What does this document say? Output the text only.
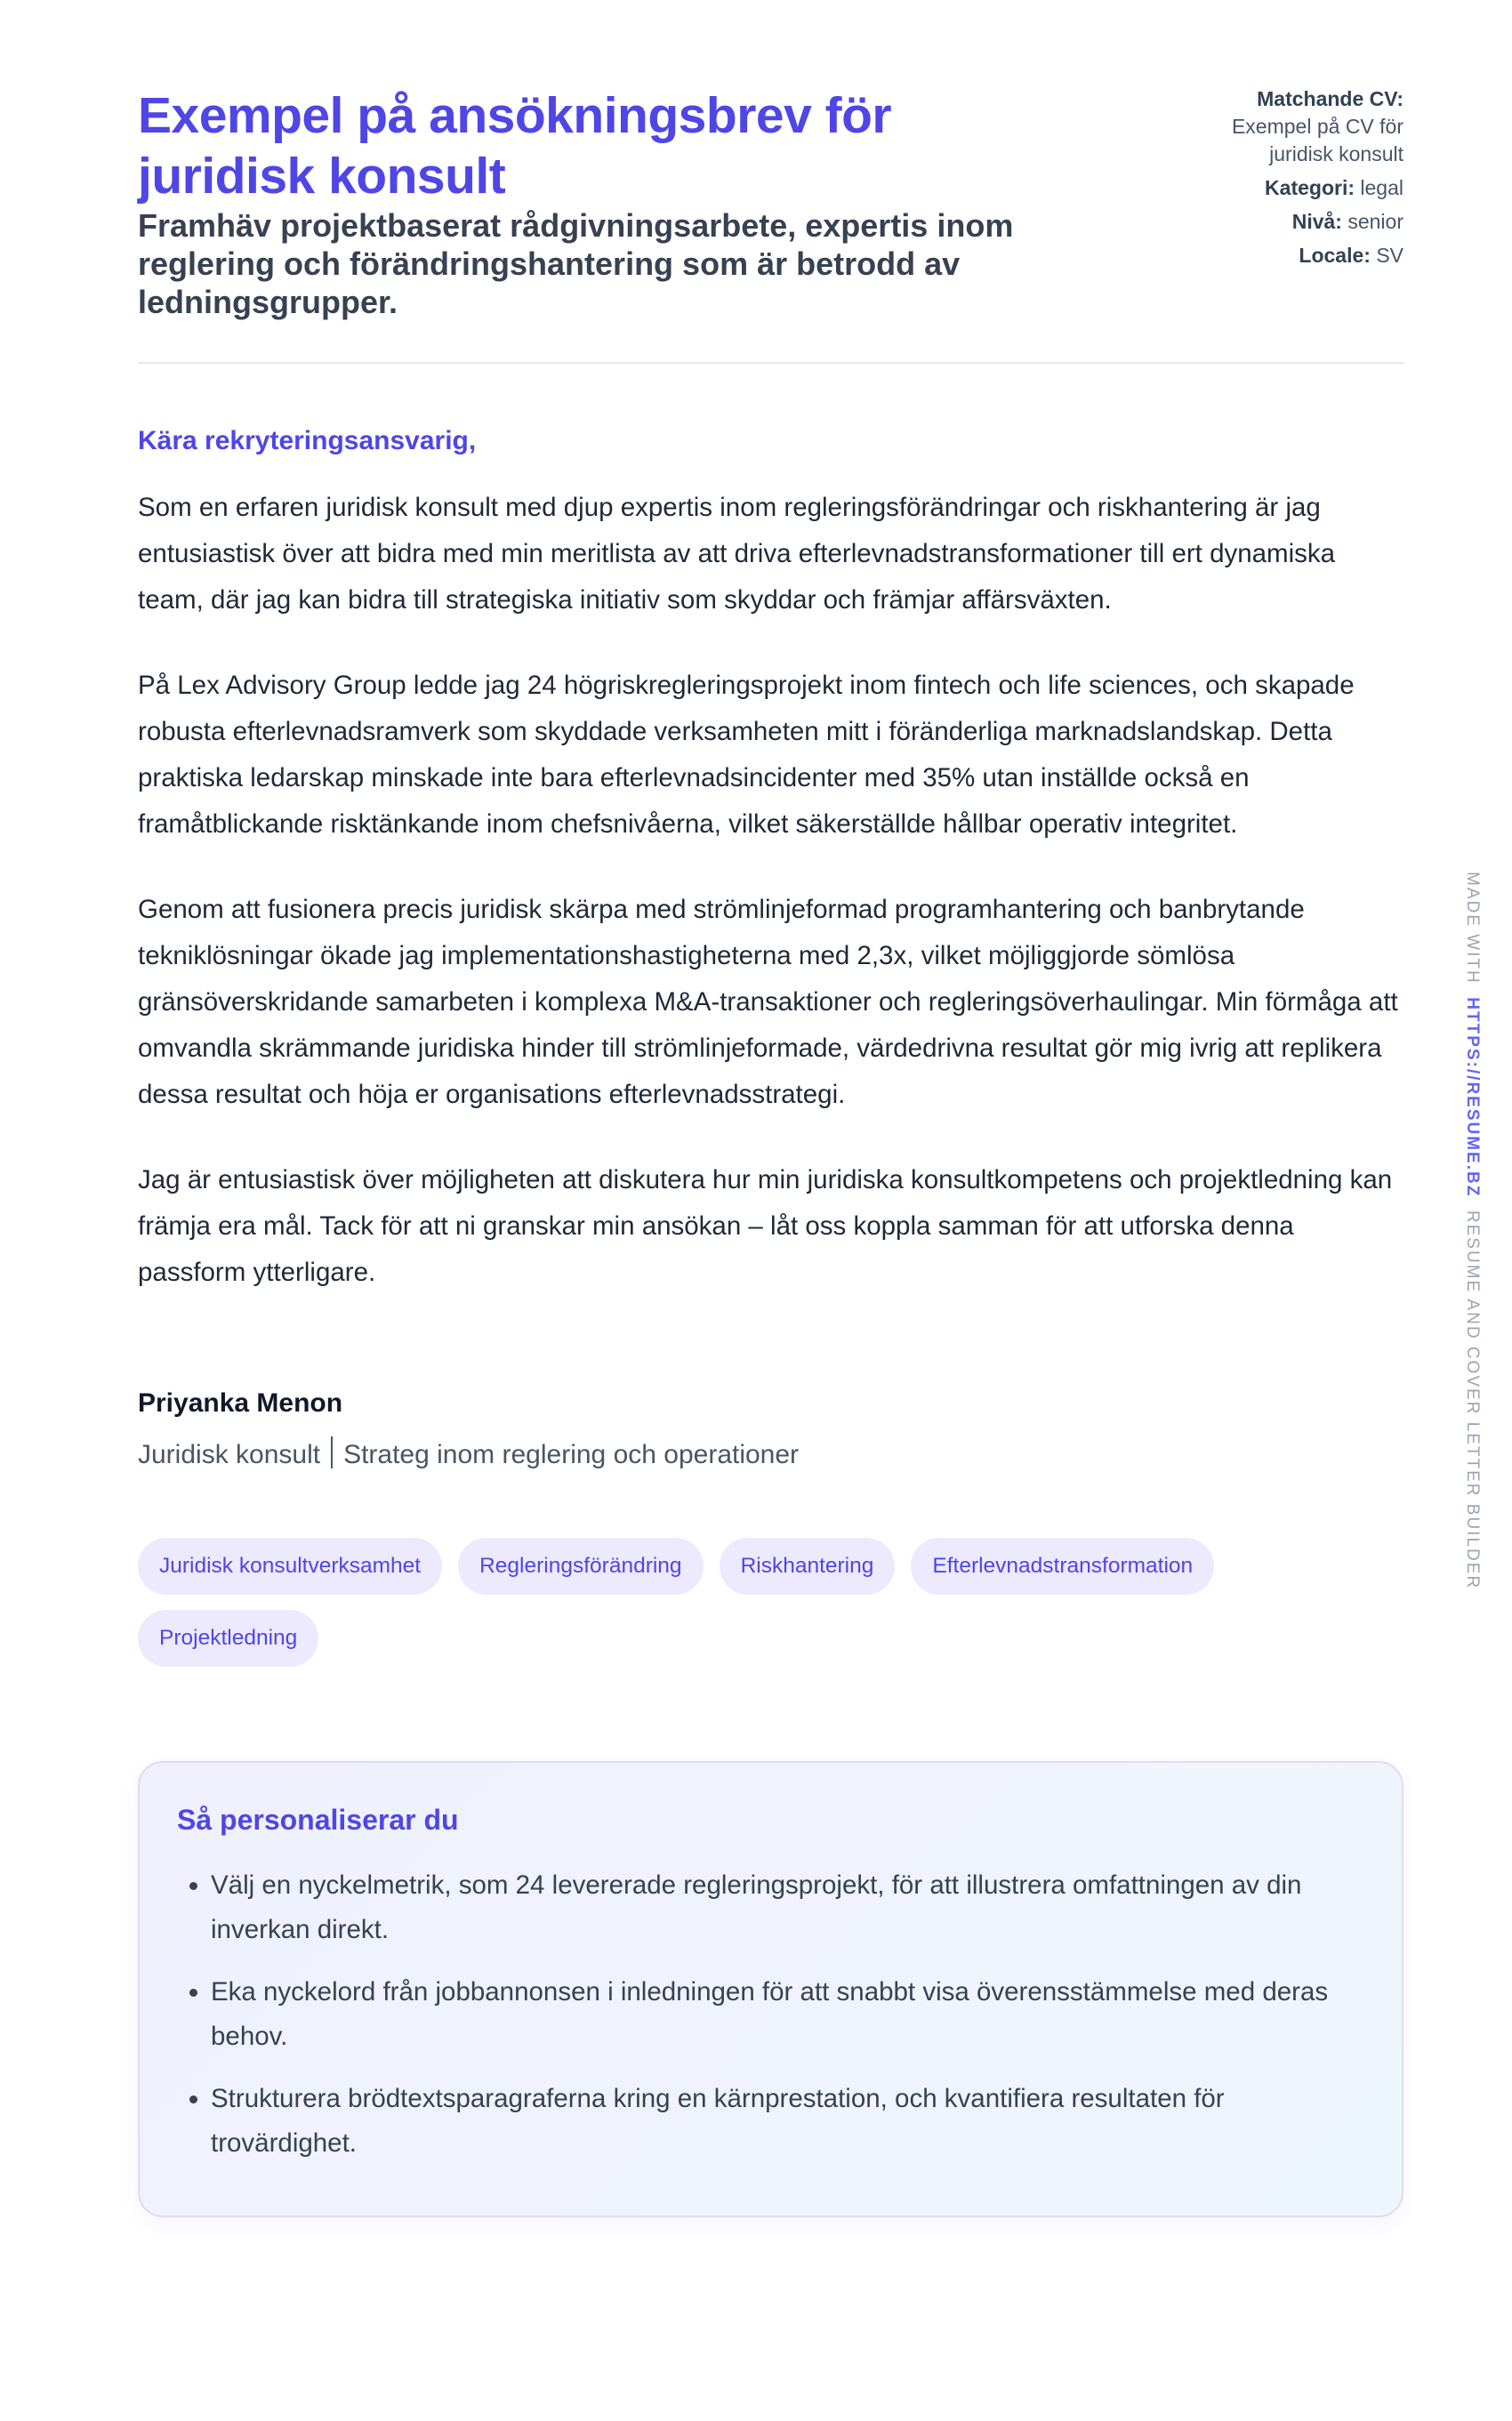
Exempel på ansökningsbrev för juridisk konsult

Framhäv projektbaserat rådgivningsarbete, expertis inom reglering och förändringshantering som är betrodd av ledningsgrupper.

Matchande CV:
Exempel på CV för juridisk konsult
Kategori: legal
Nivå: senior
Locale: SV
Kära rekryteringsansvarig,

Som en erfaren juridisk konsult med djup expertis inom regleringsförändringar och riskhantering är jag entusiastisk över att bidra med min meritlista av att driva efterlevnadstransformationer till ert dynamiska team, där jag kan bidra till strategiska initiativ som skyddar och främjar affärsväxten.

På Lex Advisory Group ledde jag 24 högriskregleringsprojekt inom fintech och life sciences, och skapade robusta efterlevnadsramverk som skyddade verksamheten mitt i föränderliga marknadslandskap. Detta praktiska ledarskap minskade inte bara efterlevnadsincidenter med 35% utan inställde också en framåtblickande risktänkande inom chefsnivåerna, vilket säkerställde hållbar operativ integritet.

Genom att fusionera precis juridisk skärpa med strömlinjeformad programhantering och banbrytande tekniklösningar ökade jag implementationshastigheterna med 2,3x, vilket möjliggjorde sömlösa gränsöverskridande samarbeten i komplexa M&A-transaktioner och regleringsöverhaulingar. Min förmåga att omvandla skrämmande juridiska hinder till strömlinjeformade, värdedrivna resultat gör mig ivrig att replikera dessa resultat och höja er organisations efterlevnadsstrategi.

Jag är entusiastisk över möjligheten att diskutera hur min juridiska konsultkompetens och projektledning kan främja era mål. Tack för att ni granskar min ansökan – låt oss koppla samman för att utforska denna passform ytterligare.

Priyanka Menon
Juridisk konsult Strateg inom reglering och operationer
Juridisk konsultverksamhet	Regleringsförändring	Riskhantering	Efterlevnadstransformation
Projektledning
Så personaliserar du
• Välj en nyckelmetrik, som 24 levererade regleringsprojekt, för att illustrera omfattningen av din inverkan direkt.
• Eka nyckelord från jobbannonsen i inledningen för att snabbt visa överensstämmelse med deras behov.
• Strukturera brödtextsparagraferna kring en kärnprestation, och kvantifiera resultaten för trovärdighet.
MADE WITH  HTTPS://RESUME.BZ  RESUME AND COVER LETTER BUILDER
